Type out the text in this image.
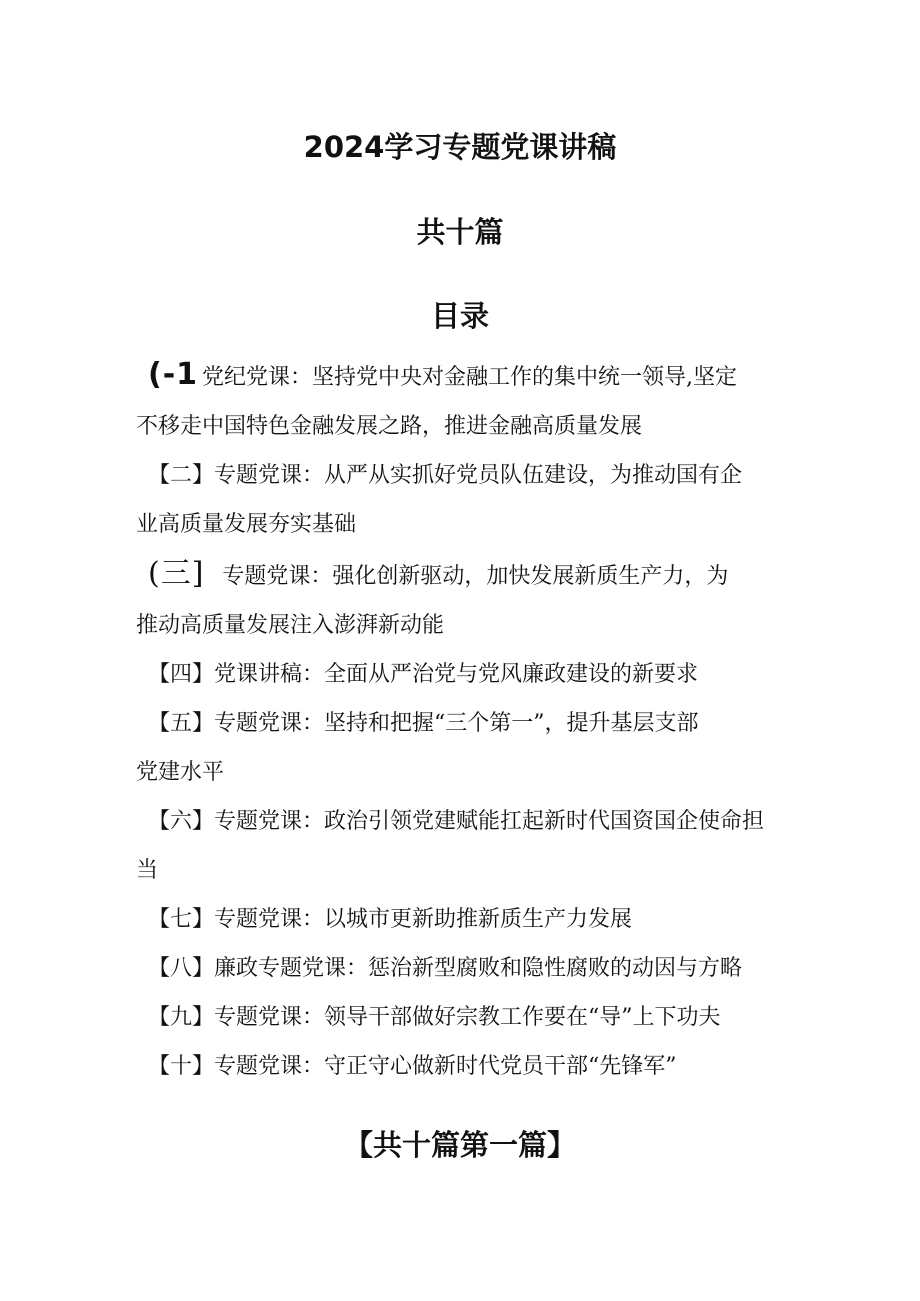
2024学习专题党课讲稿
共十篇
目录
(-1 党纪党课：坚持党中央对金融工作的集中统一领导,坚定
不移走中国特色金融发展之路，推进金融高质量发展
【二】专题党课：从严从实抓好党员队伍建设，为推动国有企
业高质量发展夯实基础
(三] 专题党课：强化创新驱动，加快发展新质生产力，为
推动高质量发展注入澎湃新动能
【四】党课讲稿：全面从严治党与党风廉政建设的新要求
【五】专题党课：坚持和把握“三个第一”，提升基层支部
党建水平
【六】专题党课：政治引领党建赋能扛起新时代国资国企使命担
当
【七】专题党课：以城市更新助推新质生产力发展
【八】廉政专题党课：惩治新型腐败和隐性腐败的动因与方略
【九】专题党课：领导干部做好宗教工作要在“导”上下功夫
【十】专题党课：守正守心做新时代党员干部“先锋军”
【共十篇第一篇】
